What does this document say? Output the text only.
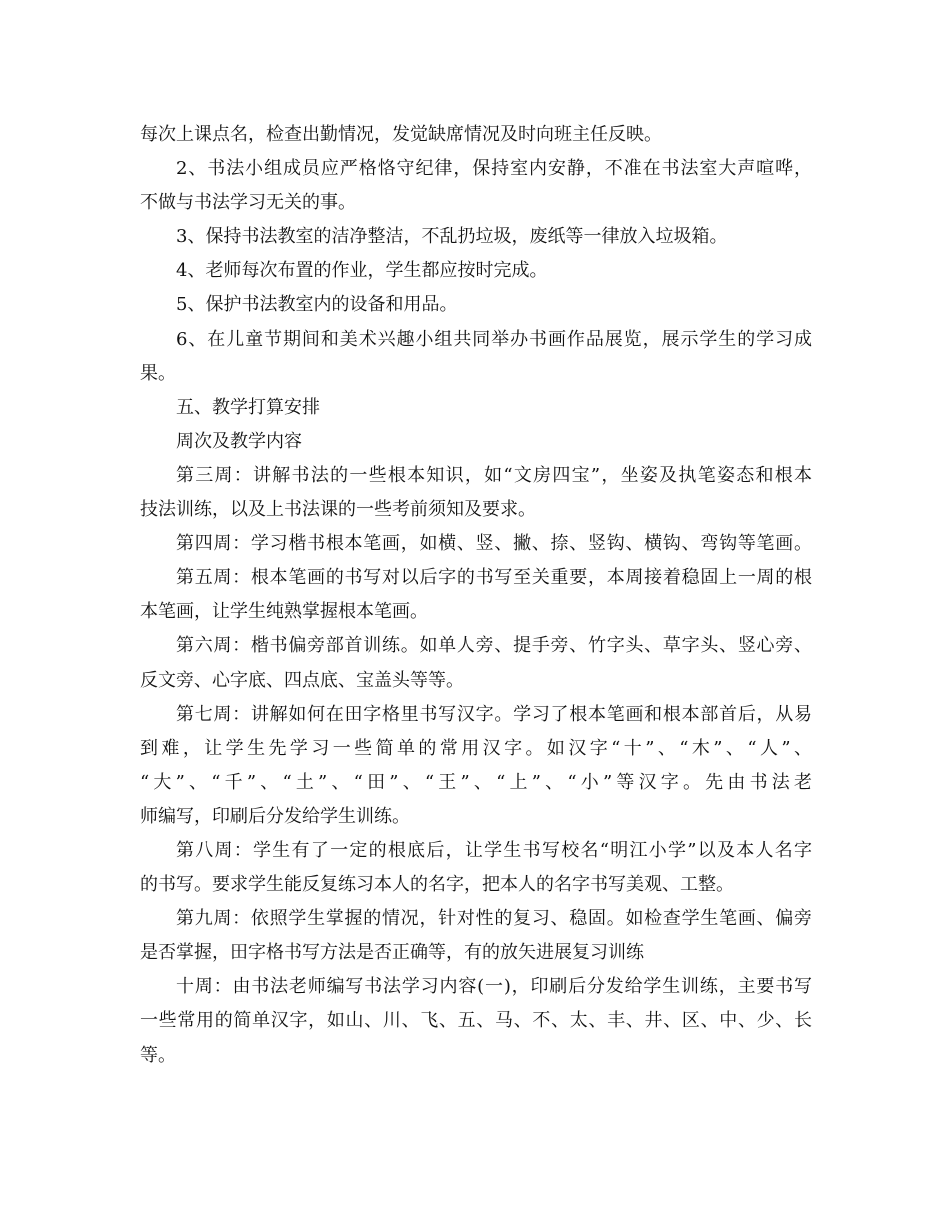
每次上课点名，检查出勤情况，发觉缺席情况及时向班主任反映。
2、书法小组成员应严格恪守纪律，保持室内安静，不准在书法室大声喧哗，
不做与书法学习无关的事。
3、保持书法教室的洁净整洁，不乱扔垃圾，废纸等一律放入垃圾箱。
4、老师每次布置的作业，学生都应按时完成。
5、保护书法教室内的设备和用品。
6、在儿童节期间和美术兴趣小组共同举办书画作品展览，展示学生的学习成
果。
五、教学打算安排
周次及教学内容
第三周：讲解书法的一些根本知识，如“文房四宝”，坐姿及执笔姿态和根本
技法训练，以及上书法课的一些考前须知及要求。
第四周：学习楷书根本笔画，如横、竖、撇、捺、竖钩、横钩、弯钩等笔画。
第五周：根本笔画的书写对以后字的书写至关重要，本周接着稳固上一周的根
本笔画，让学生纯熟掌握根本笔画。
第六周：楷书偏旁部首训练。如单人旁、提手旁、竹字头、草字头、竖心旁、
反文旁、心字底、四点底、宝盖头等等。
第七周：讲解如何在田字格里书写汉字。学习了根本笔画和根本部首后，从易
到难，让学生先学习一些简单的常用汉字。如汉字“十”、“木”、“人”、
“大”、“千”、“土”、“田”、“王”、“上”、“小”等汉字。先由书法老
师编写，印刷后分发给学生训练。
第八周：学生有了一定的根底后，让学生书写校名“明江小学”以及本人名字
的书写。要求学生能反复练习本人的名字，把本人的名字书写美观、工整。
第九周：依照学生掌握的情况，针对性的复习、稳固。如检查学生笔画、偏旁
是否掌握，田字格书写方法是否正确等，有的放矢进展复习训练
十周：由书法老师编写书法学习内容(一)，印刷后分发给学生训练，主要书写
一些常用的简单汉字，如山、川、飞、五、马、不、太、丰、井、区、中、少、长
等。
